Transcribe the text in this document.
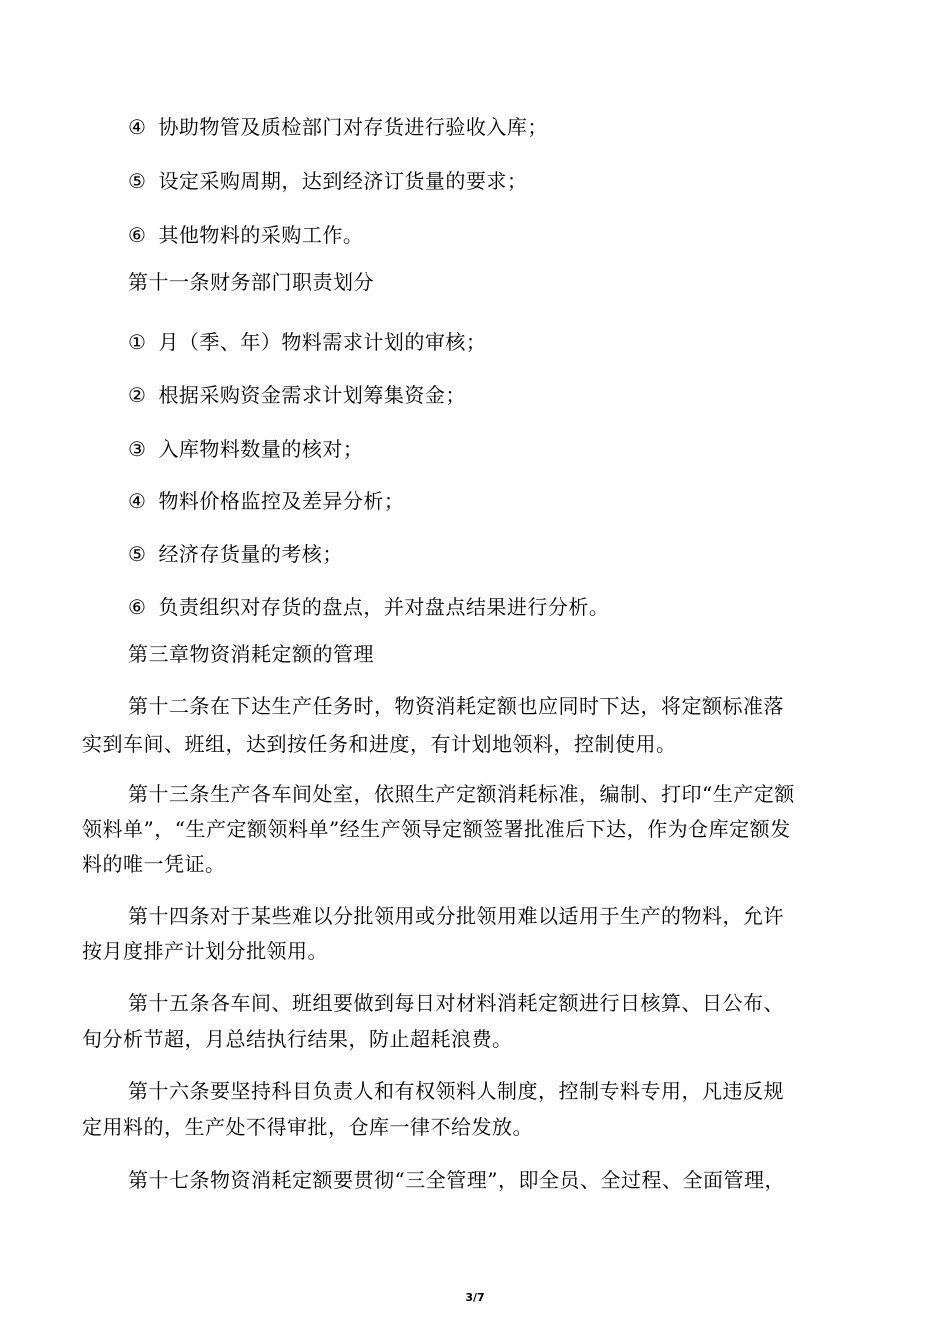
④ 协助物管及质检部门对存货进行验收入库；
⑤ 设定采购周期，达到经济订货量的要求；
⑥ 其他物料的采购工作。
第十一条财务部门职责划分
① 月（季、年）物料需求计划的审核；
② 根据采购资金需求计划筹集资金；
③ 入库物料数量的核对；
④ 物料价格监控及差异分析；
⑤ 经济存货量的考核；
⑥ 负责组织对存货的盘点，并对盘点结果进行分析。
第三章物资消耗定额的管理
第十二条在下达生产任务时，物资消耗定额也应同时下达，将定额标准落
实到车间、班组，达到按任务和进度，有计划地领料，控制使用。
第十三条生产各车间处室，依照生产定额消耗标准，编制、打印“生产定额
领料单”，“生产定额领料单”经生产领导定额签署批准后下达，作为仓库定额发
料的唯一凭证。
第十四条对于某些难以分批领用或分批领用难以适用于生产的物料，允许
按月度排产计划分批领用。
第十五条各车间、班组要做到每日对材料消耗定额进行日核算、日公布、
旬分析节超，月总结执行结果，防止超耗浪费。
第十六条要坚持科目负责人和有权领料人制度，控制专料专用，凡违反规
定用料的，生产处不得审批，仓库一律不给发放。
第十七条物资消耗定额要贯彻“三全管理”，即全员、全过程、全面管理，
3/7
